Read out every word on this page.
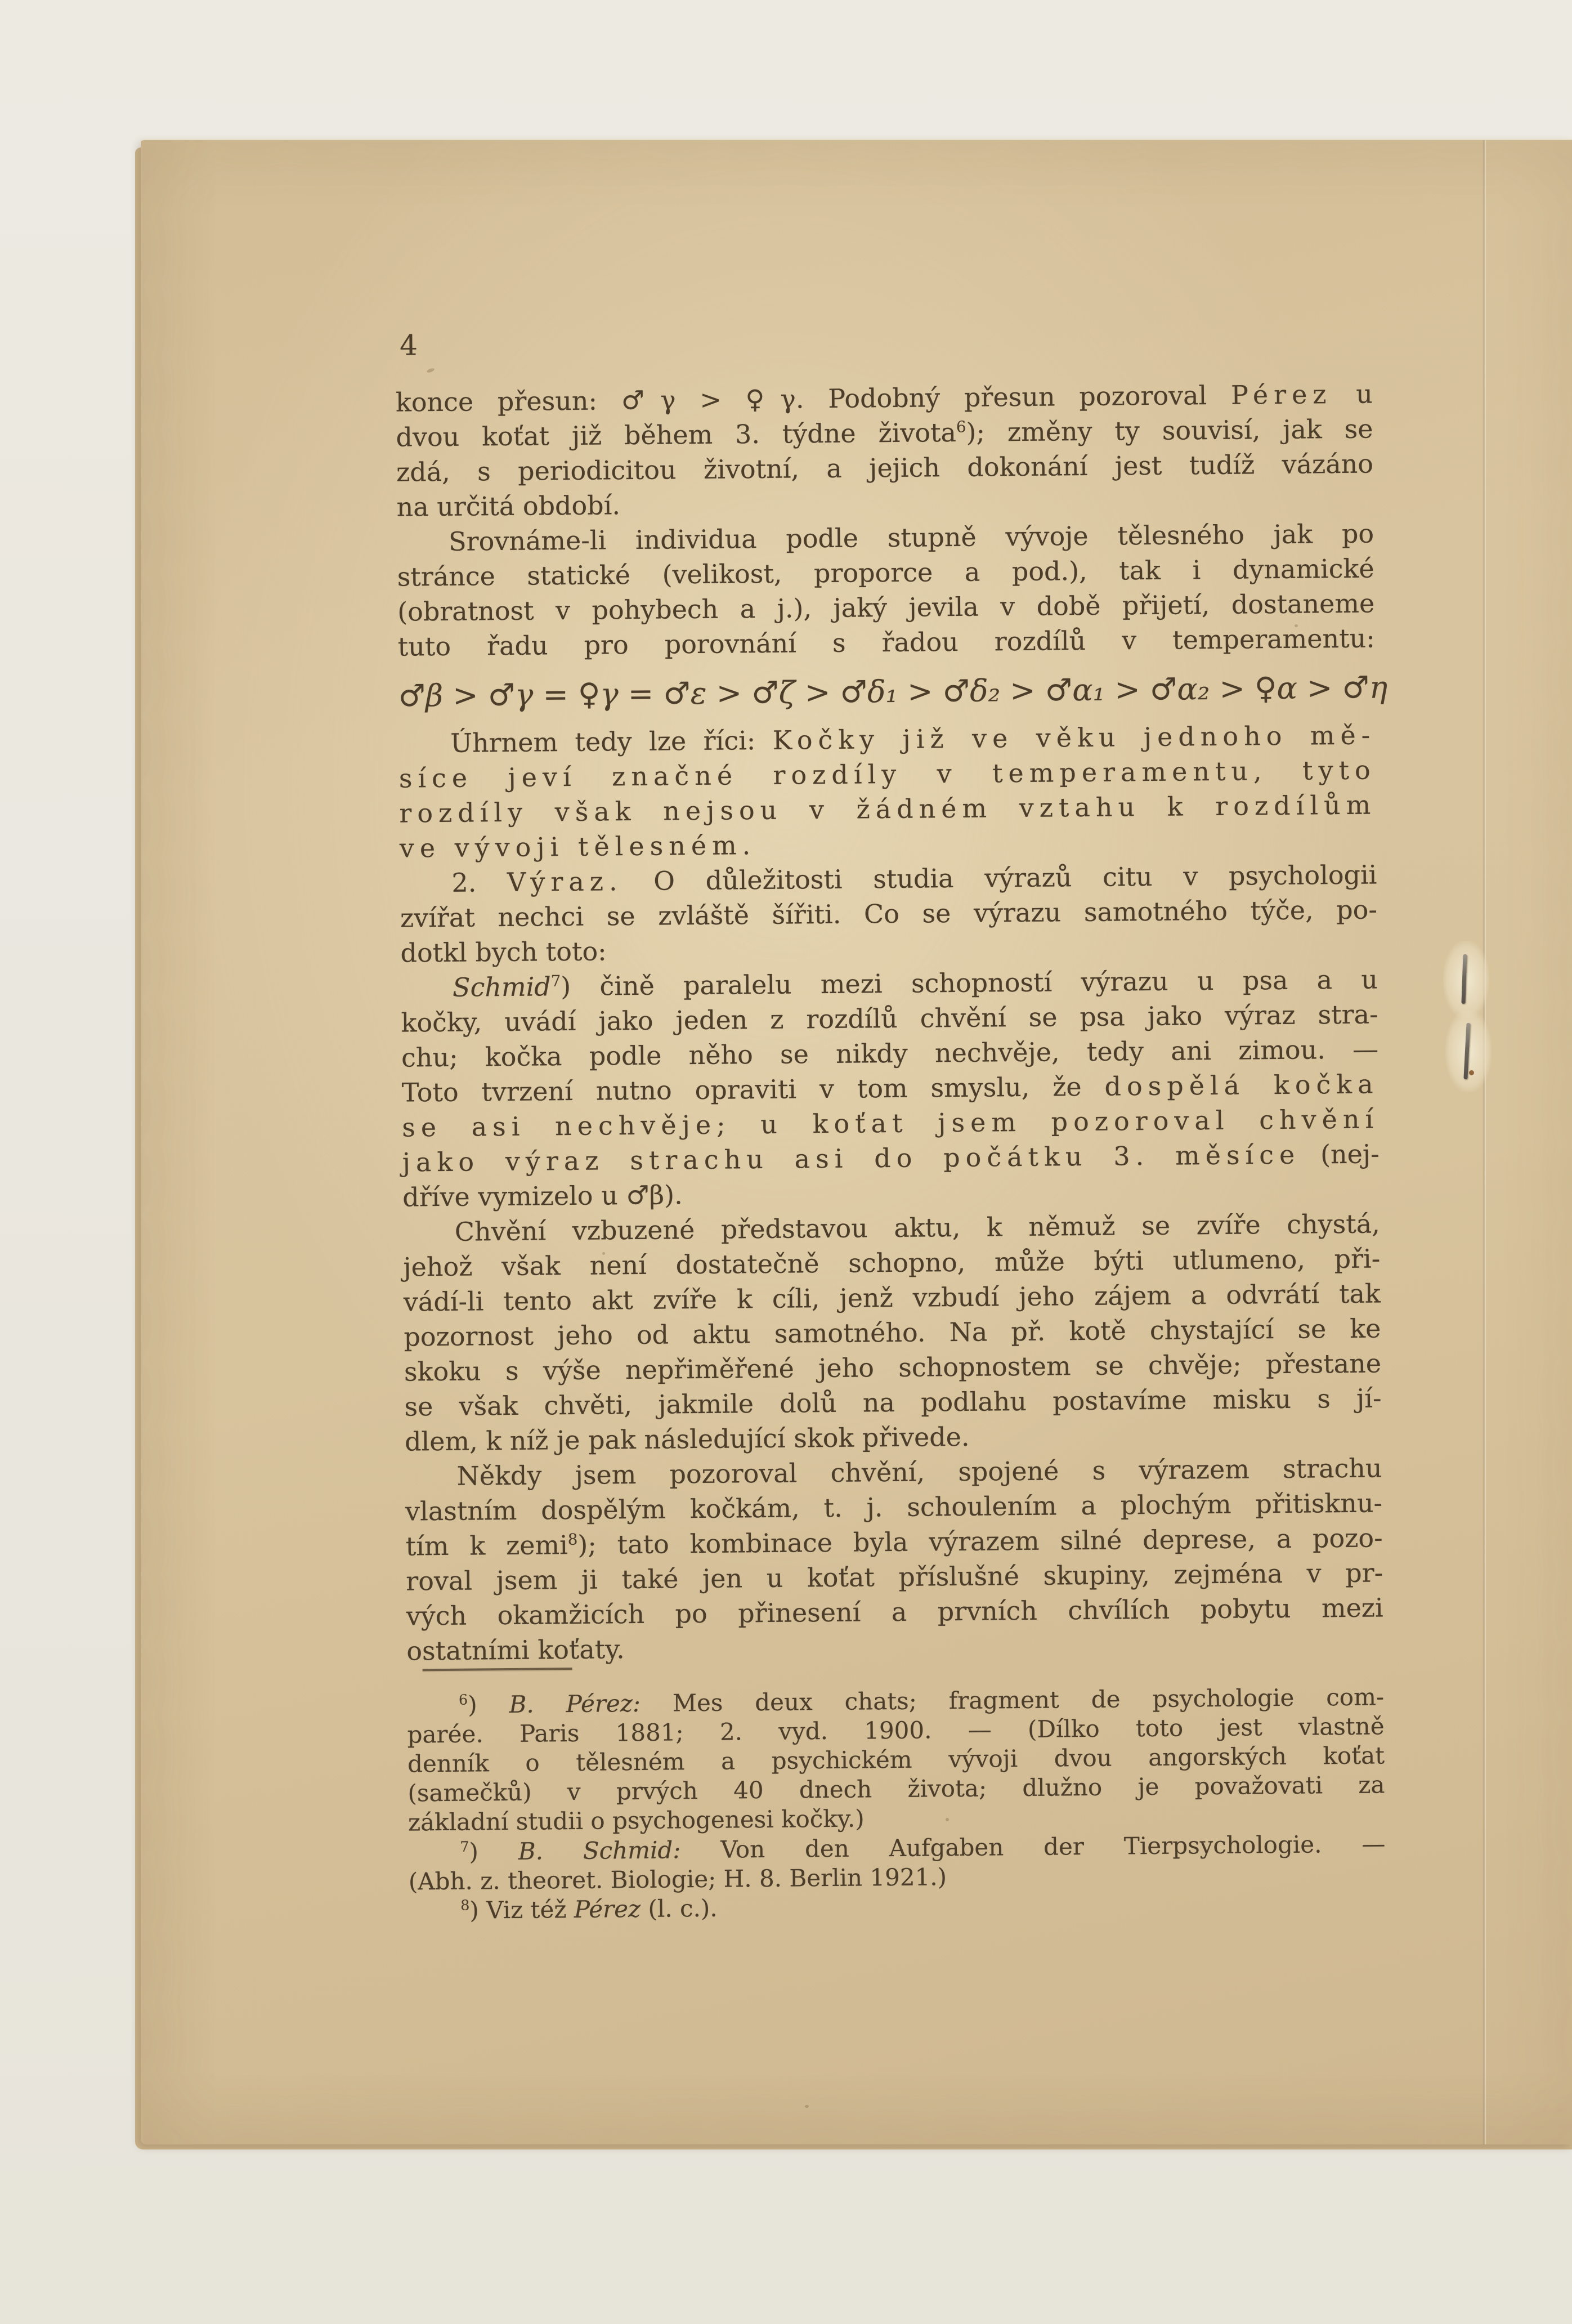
4
konce přesun: ♂γ > ♀γ. Podobný přesun pozoroval Pérez u
dvou koťat již během 3. týdne života$^6$); změny ty souvisí, jak se
zdá, s periodicitou životní, a jejich dokonání jest tudíž vázáno
na určitá období.
Srovnáme-li individua podle stupně vývoje tělesného jak po
stránce statické (velikost, proporce a pod.), tak i dynamické
(obratnost v pohybech a j.), jaký jevila v době přijetí, dostaneme
tuto řadu pro porovnání s řadou rozdílů v temperamentu:
♂β > ♂γ = ♀γ = ♂ε > ♂ζ > ♂δ₁ > ♂δ₂ > ♂α₁ > ♂α₂ > ♀α > ♂η
Úhrnem tedy lze říci: Kočky již ve věku jednoho mě-
síce jeví značné rozdíly v temperamentu, tyto
rozdíly však nejsou v žádném vztahu k rozdílům
ve vývoji tělesném.
2. Výraz. O důležitosti studia výrazů citu v psychologii
zvířat nechci se zvláště šířiti. Co se výrazu samotného týče, po-
dotkl bych toto:
Schmid$^7$) čině paralelu mezi schopností výrazu u psa a u
kočky, uvádí jako jeden z rozdílů chvění se psa jako výraz stra-
chu; kočka podle něho se nikdy nechvěje, tedy ani zimou. —
Toto tvrzení nutno opraviti v tom smyslu, že dospělá kočka
se asi nechvěje; u koťat jsem pozoroval chvění
jako výraz strachu asi do počátku 3. měsíce (nej-
dříve vymizelo u ♂β).
Chvění vzbuzené představou aktu, k němuž se zvíře chystá,
jehož však není dostatečně schopno, může býti utlumeno, při-
vádí-li tento akt zvíře k cíli, jenž vzbudí jeho zájem a odvrátí tak
pozornost jeho od aktu samotného. Na př. kotě chystající se ke
skoku s výše nepřiměřené jeho schopnostem se chvěje; přestane
se však chvěti, jakmile dolů na podlahu postavíme misku s jí-
dlem, k níž je pak následující skok přivede.
Někdy jsem pozoroval chvění, spojené s výrazem strachu
vlastním dospělým kočkám, t. j. schoulením a plochým přitisknu-
tím k zemi$^8$); tato kombinace byla výrazem silné deprese, a pozo-
roval jsem ji také jen u koťat příslušné skupiny, zejména v pr-
vých okamžicích po přinesení a prvních chvílích pobytu mezi
ostatními koťaty.
$^6$) B. Pérez: Mes deux chats; fragment de psychologie com-
parée. Paris 1881; 2. vyd. 1900. — (Dílko toto jest vlastně
denník o tělesném a psychickém vývoji dvou angorských koťat
(samečků) v prvých 40 dnech života; dlužno je považovati za
základní studii o psychogenesi kočky.)
$^7$) B. Schmid: Von den Aufgaben der Tierpsychologie. —
(Abh. z. theoret. Biologie; H. 8. Berlin 1921.)
$^8$) Viz též Pérez (l. c.).
